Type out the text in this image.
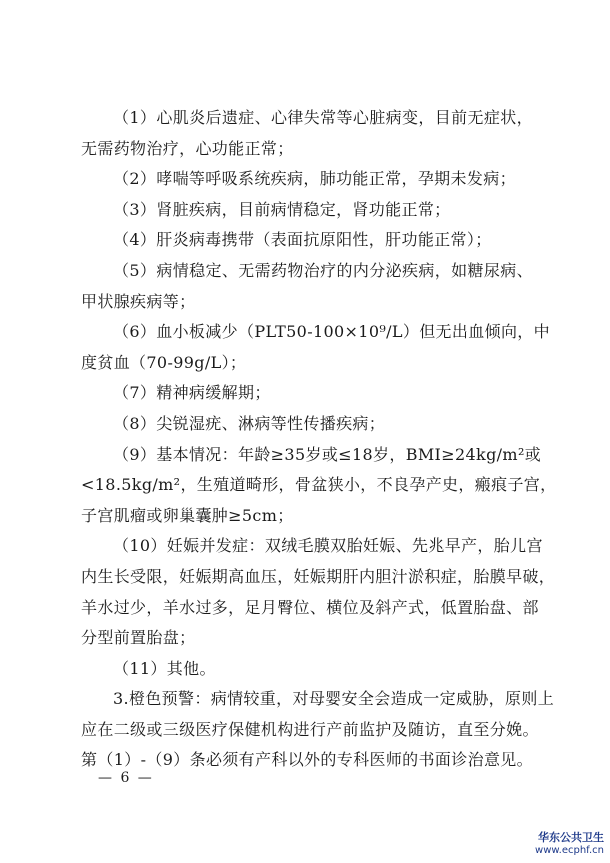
（1）心肌炎后遗症、心律失常等心脏病变，目前无症状，
无需药物治疗，心功能正常；
（2）哮喘等呼吸系统疾病，肺功能正常，孕期未发病；
（3）肾脏疾病，目前病情稳定，肾功能正常；
（4）肝炎病毒携带（表面抗原阳性，肝功能正常）；
（5）病情稳定、无需药物治疗的内分泌疾病，如糖尿病、
甲状腺疾病等；
（6）血小板减少（PLT50-100×10⁹/L）但无出血倾向，中
度贫血（70-99g/L）；
（7）精神病缓解期；
（8）尖锐湿疣、淋病等性传播疾病；
（9）基本情况：年龄≥35岁或≤18岁，BMI≥24kg/m²或
<18.5kg/m²，生殖道畸形，骨盆狭小，不良孕产史，瘢痕子宫，
子宫肌瘤或卵巢囊肿≥5cm；
（10）妊娠并发症：双绒毛膜双胎妊娠、先兆早产，胎儿宫
内生长受限，妊娠期高血压，妊娠期肝内胆汁淤积症，胎膜早破，
羊水过少，羊水过多，足月臀位、横位及斜产式，低置胎盘、部
分型前置胎盘；
（11）其他。
3.橙色预警：病情较重，对母婴安全会造成一定威胁，原则上
应在二级或三级医疗保健机构进行产前监护及随访，直至分娩。
第（1）-（9）条必须有产科以外的专科医师的书面诊治意见。
— 6 —
华东公共卫生
www.ecphf.cn
